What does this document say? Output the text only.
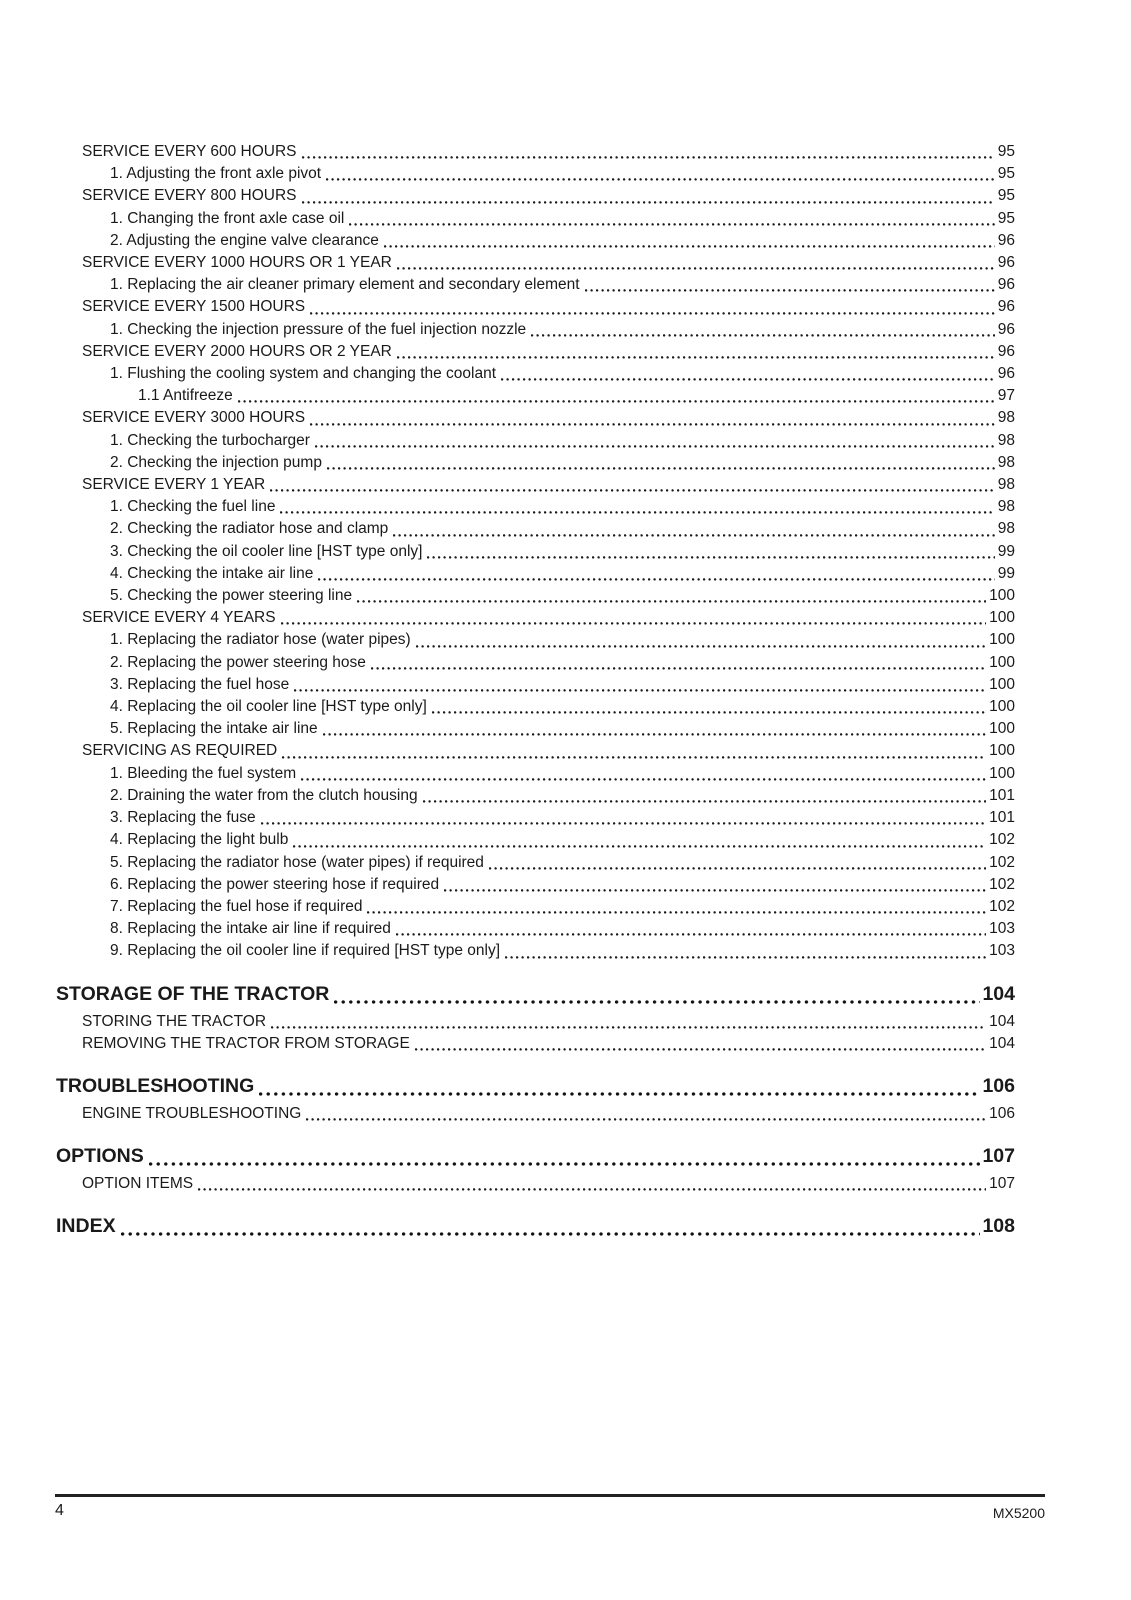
SERVICE EVERY 600 HOURS	95
1. Adjusting the front axle pivot	95
SERVICE EVERY 800 HOURS	95
1. Changing the front axle case oil	95
2. Adjusting the engine valve clearance	96
SERVICE EVERY 1000 HOURS OR 1 YEAR	96
1. Replacing the air cleaner primary element and secondary element	96
SERVICE EVERY 1500 HOURS	96
1. Checking the injection pressure of the fuel injection nozzle	96
SERVICE EVERY 2000 HOURS OR 2 YEAR	96
1. Flushing the cooling system and changing the coolant	96
1.1 Antifreeze	97
SERVICE EVERY 3000 HOURS	98
1. Checking the turbocharger	98
2. Checking the injection pump	98
SERVICE EVERY 1 YEAR	98
1. Checking the fuel line	98
2. Checking the radiator hose and clamp	98
3. Checking the oil cooler line [HST type only]	99
4. Checking the intake air line	99
5. Checking the power steering line	100
SERVICE EVERY 4 YEARS	100
1. Replacing the radiator hose (water pipes)	100
2. Replacing the power steering hose	100
3. Replacing the fuel hose	100
4. Replacing the oil cooler line [HST type only]	100
5. Replacing the intake air line	100
SERVICING AS REQUIRED	100
1. Bleeding the fuel system	100
2. Draining the water from the clutch housing	101
3. Replacing the fuse	101
4. Replacing the light bulb	102
5. Replacing the radiator hose (water pipes) if required	102
6. Replacing the power steering hose if required	102
7. Replacing the fuel hose if required	102
8. Replacing the intake air line if required	103
9. Replacing the oil cooler line if required [HST type only]	103
STORAGE OF THE TRACTOR	104
STORING THE TRACTOR	104
REMOVING THE TRACTOR FROM STORAGE	104
TROUBLESHOOTING	106
ENGINE TROUBLESHOOTING	106
OPTIONS	107
OPTION ITEMS	107
INDEX	108
4	MX5200
